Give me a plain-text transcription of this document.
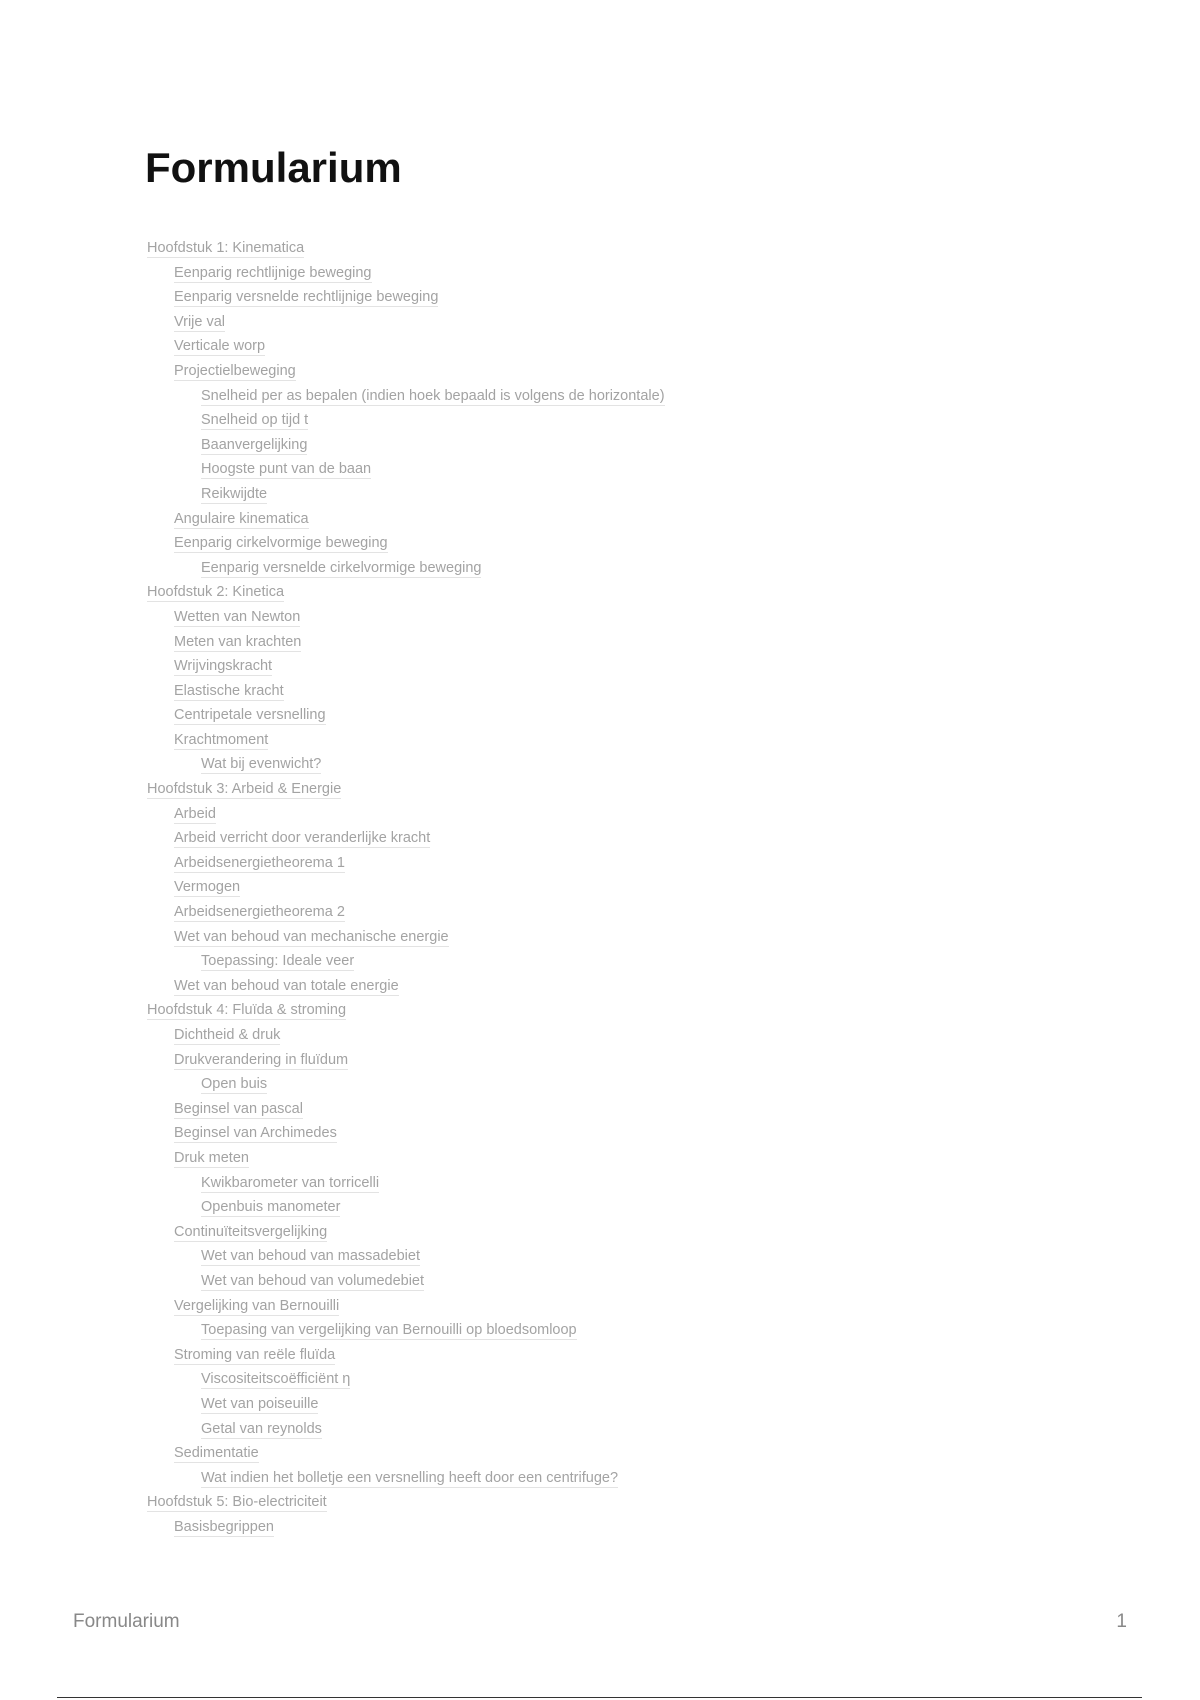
Formularium
Hoofdstuk 1: Kinematica
Eenparig rechtlijnige beweging
Eenparig versnelde rechtlijnige beweging
Vrije val
Verticale worp
Projectielbeweging
Snelheid per as bepalen (indien hoek bepaald is volgens de horizontale)
Snelheid op tijd t
Baanvergelijking
Hoogste punt van de baan
Reikwijdte
Angulaire kinematica
Eenparig cirkelvormige beweging
Eenparig versnelde cirkelvormige beweging
Hoofdstuk 2: Kinetica
Wetten van Newton
Meten van krachten
Wrijvingskracht
Elastische kracht
Centripetale versnelling
Krachtmoment
Wat bij evenwicht?
Hoofdstuk 3: Arbeid & Energie
Arbeid
Arbeid verricht door veranderlijke kracht
Arbeidsenergietheorema 1
Vermogen
Arbeidsenergietheorema 2
Wet van behoud van mechanische energie
Toepassing: Ideale veer
Wet van behoud van totale energie
Hoofdstuk 4: Fluïda & stroming
Dichtheid & druk
Drukverandering in fluïdum
Open buis
Beginsel van pascal
Beginsel van Archimedes
Druk meten
Kwikbarometer van torricelli
Openbuis manometer
Continuïteitsvergelijking
Wet van behoud van massadebiet
Wet van behoud van volumedebiet
Vergelijking van Bernouilli
Toepasing van vergelijking van Bernouilli op bloedsomloop
Stroming van reële fluïda
Viscositeitscoëfficiënt η
Wet van poiseuille
Getal van reynolds
Sedimentatie
Wat indien het bolletje een versnelling heeft door een centrifuge?
Hoofdstuk 5: Bio-electriciteit
Basisbegrippen
Formularium	1
